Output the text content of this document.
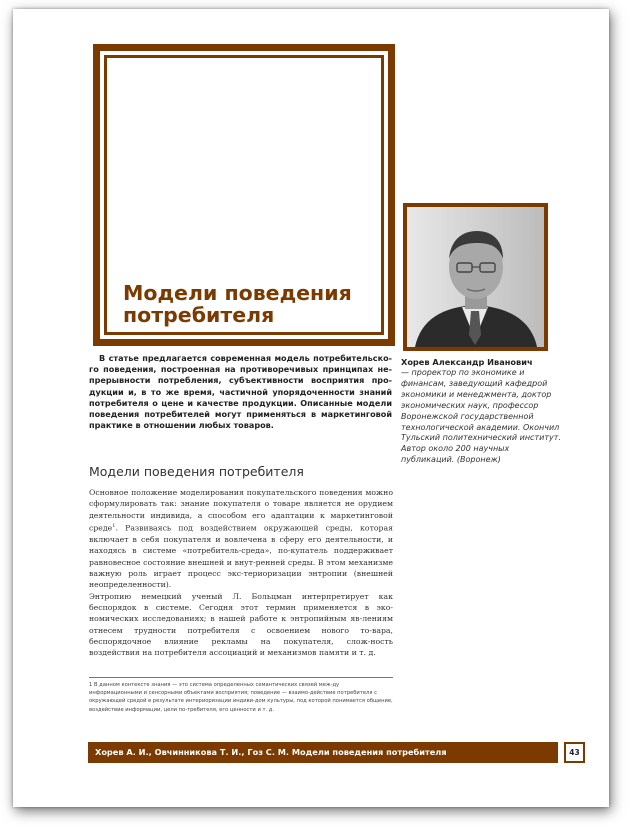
Модели поведения
потребителя
В статье предлагается современная модель потребительско-го поведения, построенная на противоречивых принципах не-прерывности потребления, субъективности восприятия про-дукции и, в то же время, частичной упорядоченности знаний потребителя о цене и качестве продукции. Описанные модели поведения потребителей могут применяться в маркетинговой практике в отношении любых товаров.
Модели поведения потребителя

Основное положение моделирования покупательского поведения можно сформулировать так: знание покупателя о товаре является не орудием деятельности индивида, а способом его адаптации к маркетинговой среде$^1$. Развиваясь под воздействием окружающей среды, которая включает в себя покупателя и вовлечена в сферу его деятельности, и находясь в системе «потребитель-среда», по-купатель поддерживает равновесное состояние внешней и внут-ренней среды. В этом механизме важную роль играет процесс экс-териоризации энтропии (внешней неопределенности).

Энтропию немецкий ученый Л. Больцман интерпретирует как беспорядок в системе. Сегодня этот термин применяется в эко-номических исследованиях; в нашей работе к энтропийным яв-лениям отнесем трудности потребителя с освоением нового то-вара, беспорядочное влияние рекламы на покупателя, слож-ность воздействия на потребителя ассоциаций и механизмов памяти и т. д.

1 В данном контексте знания — это система определенных семантических связей меж-ду информационными и сенсорными объектами восприятия; поведение — взаимо-действие потребителя с окружающей средой в результате интериоризации индиви-дом культуры, под которой понимается общение, воздействие информации, цели по-требителя, его ценности и т. д.
Хорев Александр Иванович
— проректор по экономике и финансам, заведующий кафедрой экономики и менеджмента, доктор экономических наук, профессор Воронежской государственной технологической академии. Окончил Тульский политехнический институт. Автор около 200 научных публикаций. (Воронеж)
Хорев А. И., Овчинникова Т. И., Гоз С. М. Модели поведения потребителя	43
